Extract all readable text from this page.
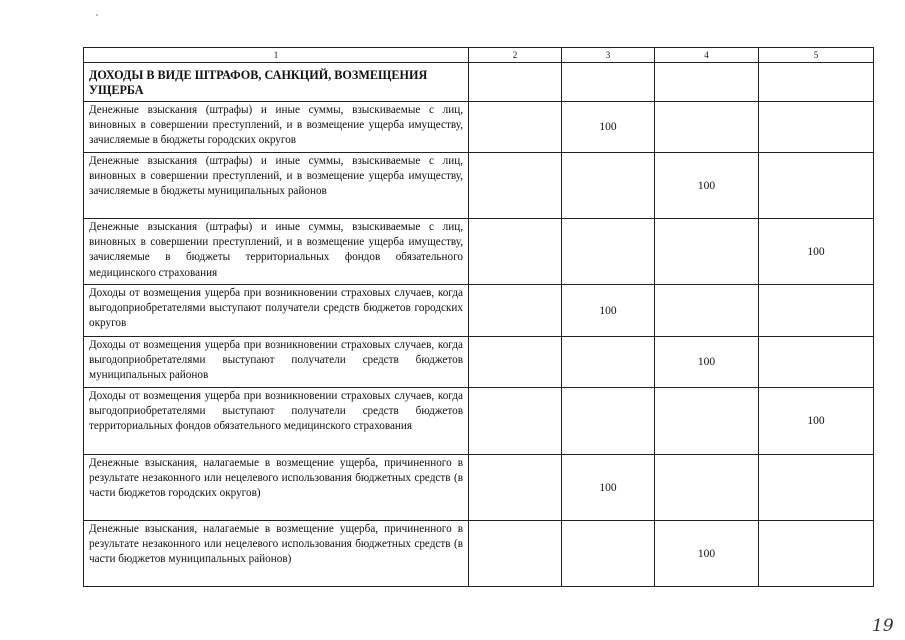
1	2	3	4	5
ДОХОДЫ В ВИДЕ ШТРАФОВ, САНКЦИЙ, ВОЗМЕЩЕНИЯ УЩЕРБА				
Денежные взыскания (штрафы) и иные суммы, взыскиваемые с лиц, виновных в совершении преступлений, и в возмещение ущерба имуществу, зачисляемые в бюджеты городских округов		100		
Денежные взыскания (штрафы) и иные суммы, взыскиваемые с лиц, виновных в совершении преступлений, и в возмещение ущерба имуществу, зачисляемые в бюджеты муниципальных районов			100	
Денежные взыскания (штрафы) и иные суммы, взыскиваемые с лиц, виновных в совершении преступлений, и в возмещение ущерба имуществу, зачисляемые в бюджеты территориальных фондов обязательного медицинского страхования				100
Доходы от возмещения ущерба при возникновении страховых случаев, когда выгодоприобретателями выступают получатели средств бюджетов городских округов		100		
Доходы от возмещения ущерба при возникновении страховых случаев, когда выгодоприобретателями выступают получатели средств бюджетов муниципальных районов			100	
Доходы от возмещения ущерба при возникновении страховых случаев, когда выгодоприобретателями выступают получатели средств бюджетов территориальных фондов обязательного медицинского страхования				100
Денежные взыскания, налагаемые в возмещение ущерба, причиненного в результате незаконного или нецелевого использования бюджетных средств (в части бюджетов городских округов)		100		
Денежные взыскания, налагаемые в возмещение ущерба, причиненного в результате незаконного или нецелевого использования бюджетных средств (в части бюджетов муниципальных районов)			100	
19
